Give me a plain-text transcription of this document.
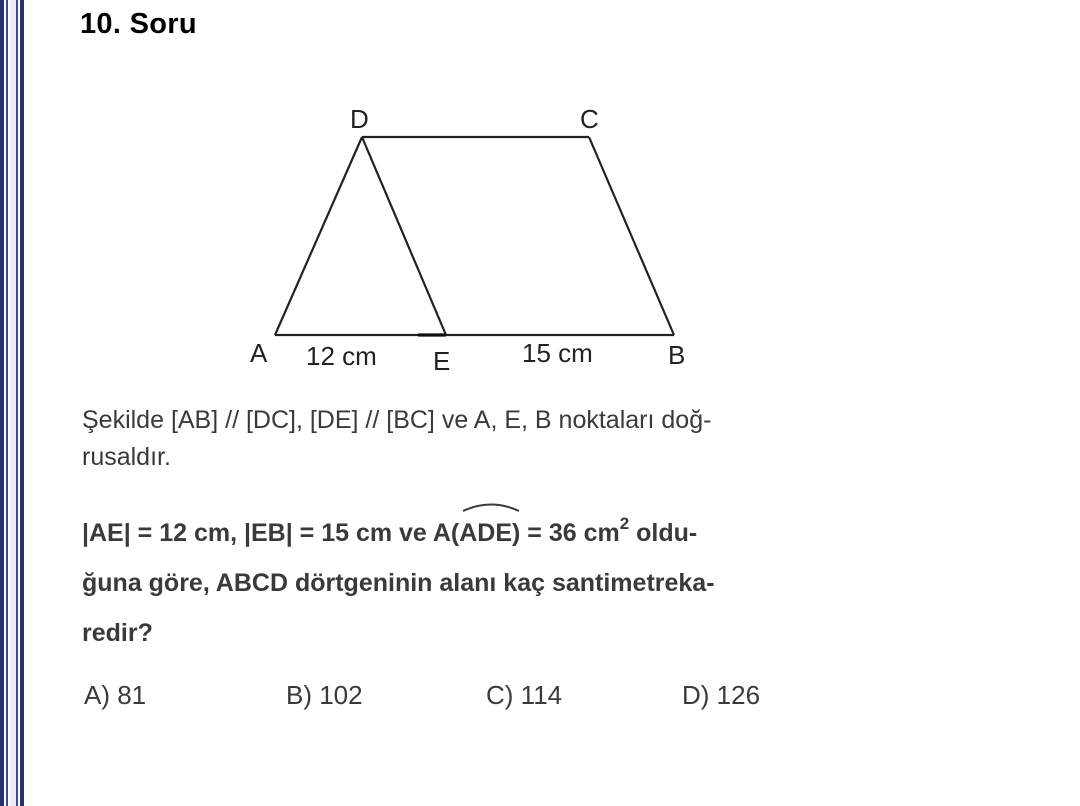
10. Soru
D	C
A	E	B
12 cm	15 cm
Şekilde [AB] // [DC], [DE] // [BC] ve A, E, B noktaları doğ-
rusaldır.
|AE| = 12 cm, |EB| = 15 cm ve A(
ADE) = 36 $cm^2$ oldu-
ğuna göre, ABCD dörtgeninin alanı kaç santimetreka-
redir?
A) 81	B) 102	C) 114	D) 126
